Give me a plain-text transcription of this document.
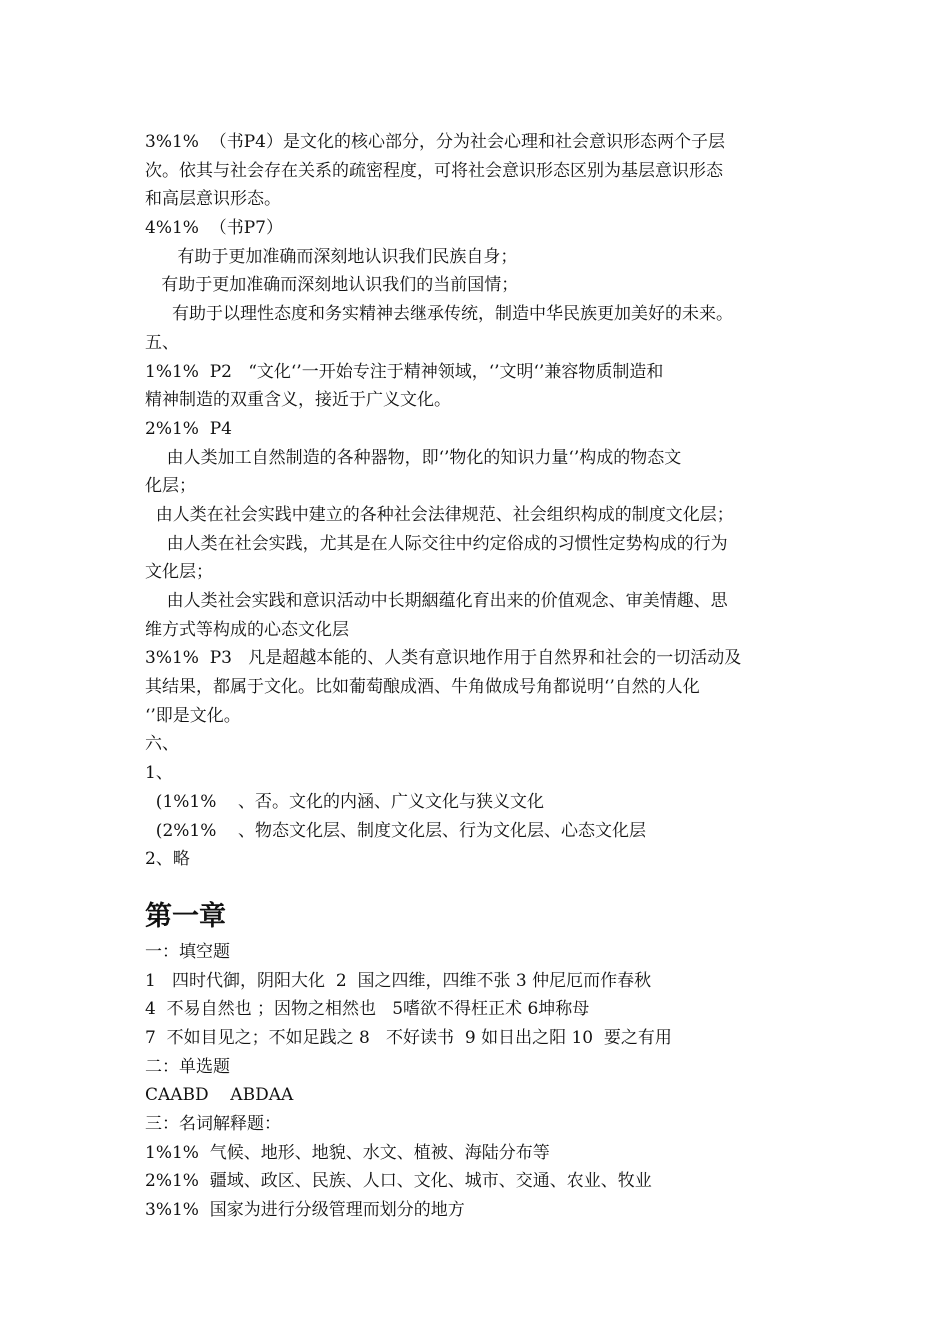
3%1%  （书P4）是文化的核心部分，分为社会心理和社会意识形态两个子层
次。依其与社会存在关系的疏密程度，可将社会意识形态区别为基层意识形态
和高层意识形态。
4%1%  （书P7）
有助于更加准确而深刻地认识我们民族自身；
有助于更加准确而深刻地认识我们的当前国情；
有助于以理性态度和务实精神去继承传统，制造中华民族更加美好的未来。
五、
1%1%  P2   “文化‘’一开始专注于精神领域，‘’文明‘’兼容物质制造和
精神制造的双重含义，接近于广义文化。
2%1%  P4
由人类加工自然制造的各种器物，即‘’物化的知识力量‘’构成的物态文
化层；
由人类在社会实践中建立的各种社会法律规范、社会组织构成的制度文化层；
由人类在社会实践，尤其是在人际交往中约定俗成的习惯性定势构成的行为
文化层；
由人类社会实践和意识活动中长期絪蕴化育出来的价值观念、审美情趣、思
维方式等构成的心态文化层
3%1%  P3   凡是超越本能的、人类有意识地作用于自然界和社会的一切活动及
其结果，都属于文化。比如葡萄酿成酒、牛角做成号角都说明‘’自然的人化
‘’即是文化。
六、
1、
(1%1%    、否。文化的内涵、广义文化与狭义文化
(2%1%    、物态文化层、制度文化层、行为文化层、心态文化层
2、略
第一章
一：填空题
1   四时代御，阴阳大化  2  国之四维，四维不张 3 仲尼厄而作春秋
4  不易自然也 ；因物之相然也   5嗜欲不得枉正术 6坤称母
7  不如目见之；不如足践之 8   不好读书  9 如日出之阳 10  要之有用
二：单选题
CAABD    ABDAA
三：名词解释题：
1%1%  气候、地形、地貌、水文、植被、海陆分布等
2%1%  疆域、政区、民族、人口、文化、城市、交通、农业、牧业
3%1%  国家为进行分级管理而划分的地方
